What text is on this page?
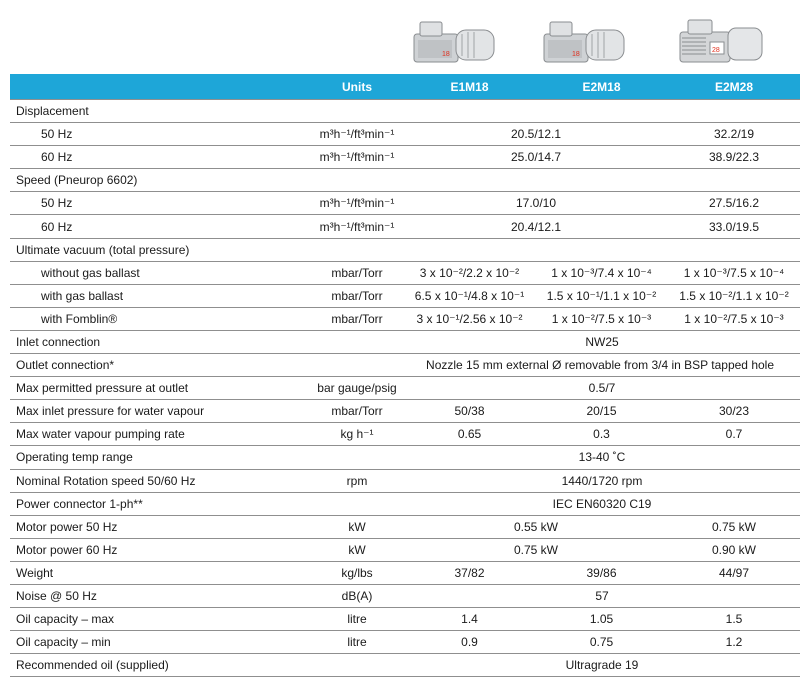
18	18
28
	Units	E1M18	E2M18	E2M28
Displacement				
50 Hz	m³h⁻¹/ft³min⁻¹	20.5/12.1		32.2/19
60 Hz	m³h⁻¹/ft³min⁻¹	25.0/14.7		38.9/22.3
Speed (Pneurop 6602)				
50 Hz	m³h⁻¹/ft³min⁻¹	17.0/10		27.5/16.2
60 Hz	m³h⁻¹/ft³min⁻¹	20.4/12.1		33.0/19.5
Ultimate vacuum (total pressure)				
without gas ballast	mbar/Torr	3 x 10⁻²/2.2 x 10⁻²	1 x 10⁻³/7.4 x 10⁻⁴	1 x 10⁻³/7.5 x 10⁻⁴
with gas ballast	mbar/Torr	6.5 x 10⁻¹/4.8 x 10⁻¹	1.5 x 10⁻¹/1.1 x 10⁻²	1.5 x 10⁻²/1.1 x 10⁻²
with Fomblin®	mbar/Torr	3 x 10⁻¹/2.56 x 10⁻²	1 x 10⁻²/7.5 x 10⁻³	1 x 10⁻²/7.5 x 10⁻³
Inlet connection		NW25		
Outlet connection*		Nozzle 15 mm external Ø removable from 3/4 in BSP tapped hole		
Max permitted pressure at outlet	bar gauge/psig	0.5/7		
Max inlet pressure for water vapour	mbar/Torr	50/38	20/15	30/23
Max water vapour pumping rate	kg h⁻¹	0.65	0.3	0.7
Operating temp range		13-40 ˚C		
Nominal Rotation speed 50/60 Hz	rpm	1440/1720 rpm		
Power connector 1-ph**		IEC EN60320 C19		
Motor power 50 Hz	kW	0.55 kW		0.75 kW
Motor power 60 Hz	kW	0.75 kW		0.90 kW
Weight	kg/lbs	37/82	39/86	44/97
Noise @ 50 Hz	dB(A)	57		
Oil capacity – max	litre	1.4	1.05	1.5
Oil capacity – min	litre	0.9	0.75	1.2
Recommended oil (supplied)		Ultragrade 19		
